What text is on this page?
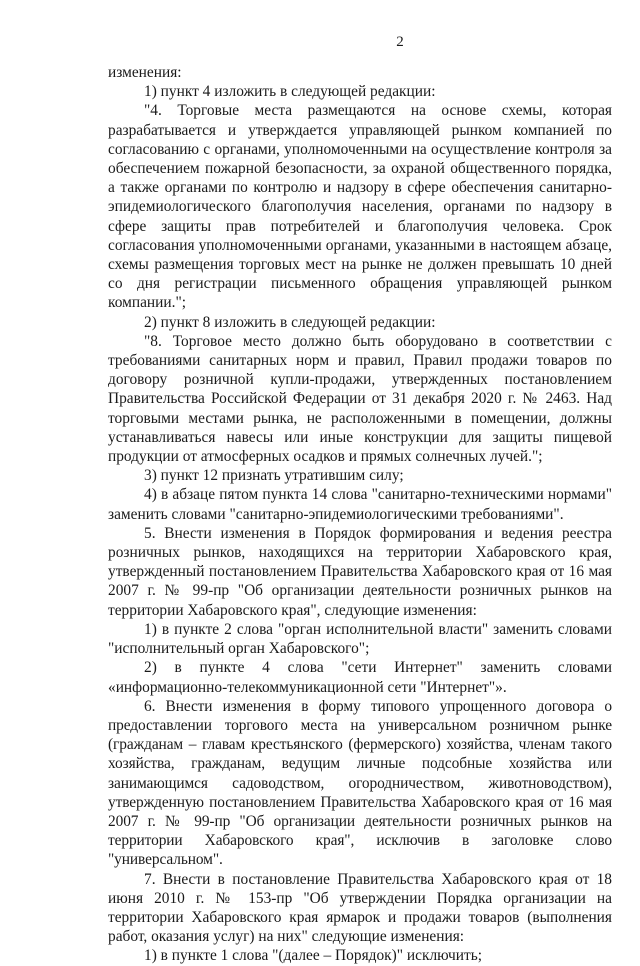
2

изменения:

1) пункт 4 изложить в следующей редакции:

"4. Торговые места размещаются на основе схемы, которая разрабатывается и утверждается управляющей рынком компанией по согласованию с органами, уполномоченными на осуществление контроля за обеспечением пожарной безопасности, за охраной общественного порядка, а также органами по контролю и надзору в сфере обеспечения санитарно-эпидемиологического благополучия населения, органами по надзору в сфере защиты прав потребителей и благополучия человека. Срок согласования уполномоченными органами, указанными в настоящем абзаце, схемы размещения торговых мест на рынке не должен превышать 10 дней со дня регистрации письменного обращения управляющей рынком компании.";

2) пункт 8 изложить в следующей редакции:

"8. Торговое место должно быть оборудовано в соответствии с требованиями санитарных норм и правил, Правил продажи товаров по договору розничной купли-продажи, утвержденных постановлением Правительства Российской Федерации от 31 декабря 2020 г. № 2463. Над торговыми местами рынка, не расположенными в помещении, должны устанавливаться навесы или иные конструкции для защиты пищевой продукции от атмосферных осадков и прямых солнечных лучей.";

3) пункт 12 признать утратившим силу;

4) в абзаце пятом пункта 14 слова "санитарно-техническими нормами" заменить словами "санитарно-эпидемиологическими требованиями".

5. Внести изменения в Порядок формирования и ведения реестра розничных рынков, находящихся на территории Хабаровского края, утвержденный постановлением Правительства Хабаровского края от 16 мая 2007 г. № 99-пр "Об организации деятельности розничных рынков на территории Хабаровского края", следующие изменения:

1) в пункте 2 слова "орган исполнительной власти" заменить словами "исполнительный орган Хабаровского";

2) в пункте 4 слова "сети Интернет" заменить словами «информационно-телекоммуникационной сети "Интернет"».

6. Внести изменения в форму типового упрощенного договора о предоставлении торгового места на универсальном розничном рынке (гражданам – главам крестьянского (фермерского) хозяйства, членам такого хозяйства, гражданам, ведущим личные подсобные хозяйства или занимающимся садоводством, огородничеством, животноводством), утвержденную постановлением Правительства Хабаровского края от 16 мая 2007 г. № 99-пр "Об организации деятельности розничных рынков на территории Хабаровского края", исключив в заголовке слово "универсальном".

7. Внести в постановление Правительства Хабаровского края от 18 июня 2010 г. № 153-пр "Об утверждении Порядка организации на территории Хабаровского края ярмарок и продажи товаров (выполнения работ, оказания услуг) на них" следующие изменения:

1) в пункте 1 слова "(далее – Порядок)" исключить;
